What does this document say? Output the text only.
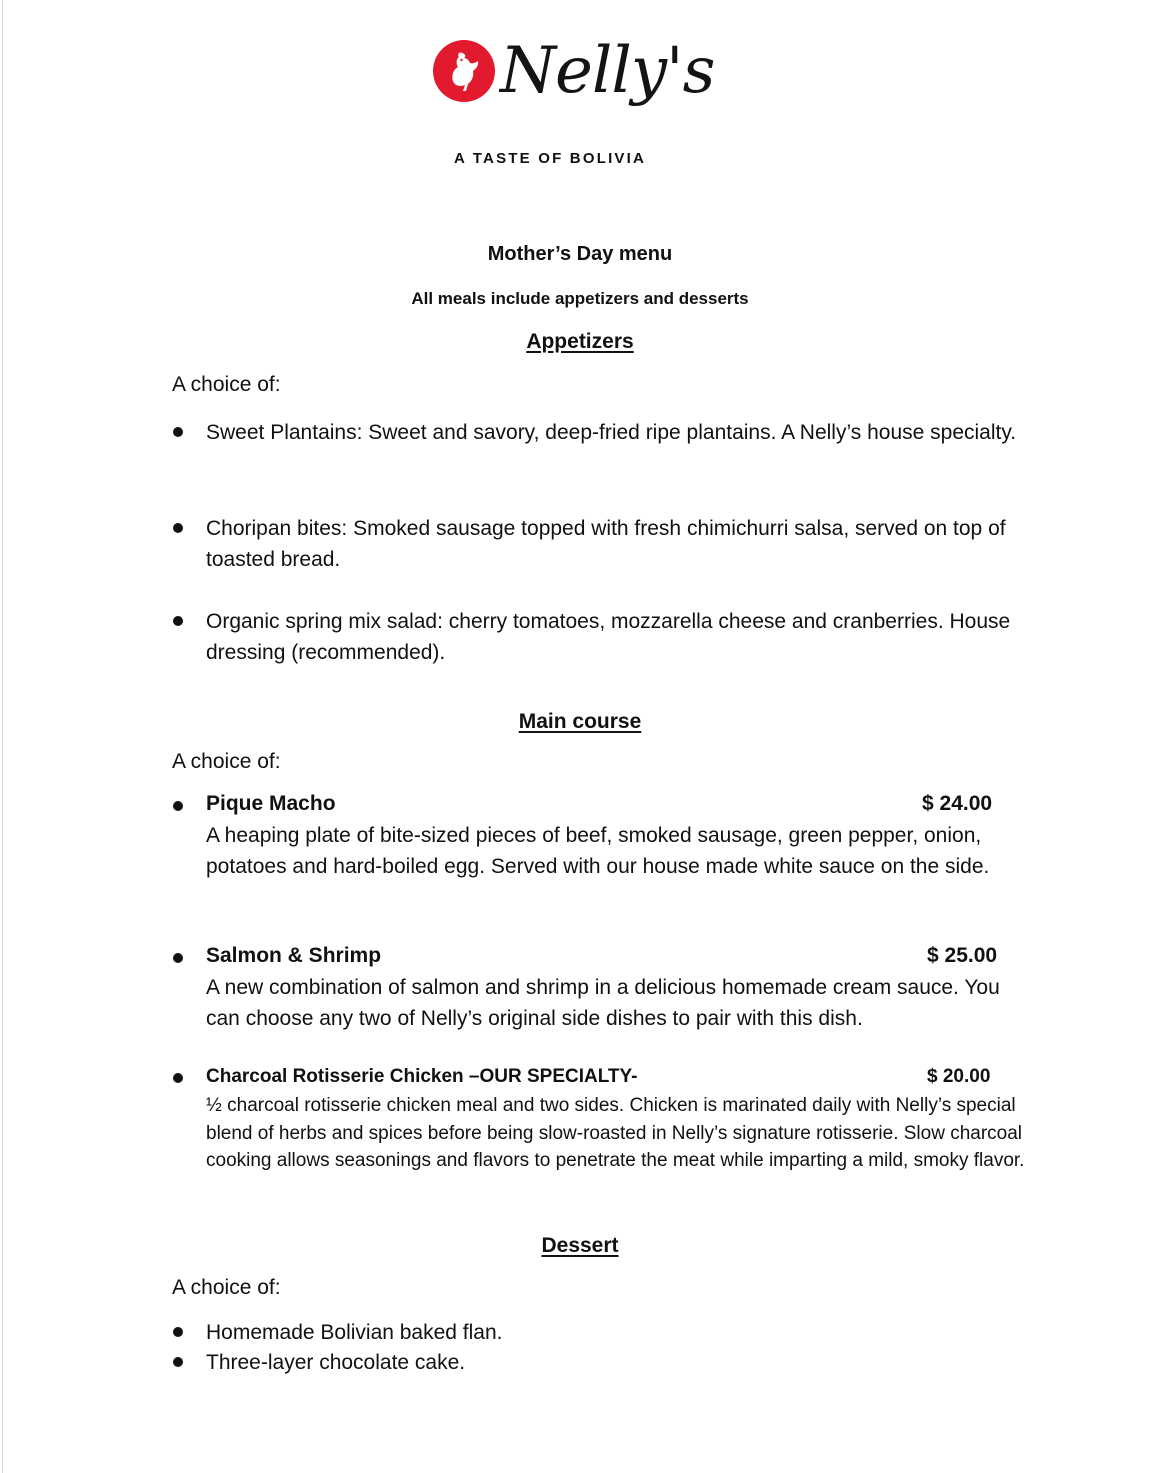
Nelly's
A TASTE OF BOLIVIA
Mother’s Day menu
All meals include appetizers and desserts
Appetizers
A choice of:
Sweet Plantains: Sweet and savory, deep-fried ripe plantains. A Nelly’s house specialty.
Choripan bites: Smoked sausage topped with fresh chimichurri salsa, served on top of toasted bread.
Organic spring mix salad: cherry tomatoes, mozzarella cheese and cranberries. House dressing (recommended).
Main course
A choice of:
Pique Macho	$ 24.00
A heaping plate of bite-sized pieces of beef, smoked sausage, green pepper, onion, potatoes and hard-boiled egg. Served with our house made white sauce on the side.
Salmon & Shrimp	$ 25.00
A new combination of salmon and shrimp in a delicious homemade cream sauce. You can choose any two of Nelly’s original side dishes to pair with this dish.
Charcoal Rotisserie Chicken –OUR SPECIALTY-	$ 20.00
½ charcoal rotisserie chicken meal and two sides. Chicken is marinated daily with Nelly’s special blend of herbs and spices before being slow-roasted in Nelly’s signature rotisserie. Slow charcoal cooking allows seasonings and flavors to penetrate the meat while imparting a mild, smoky flavor.
Dessert
A choice of:
Homemade Bolivian baked flan.
Three-layer chocolate cake.
